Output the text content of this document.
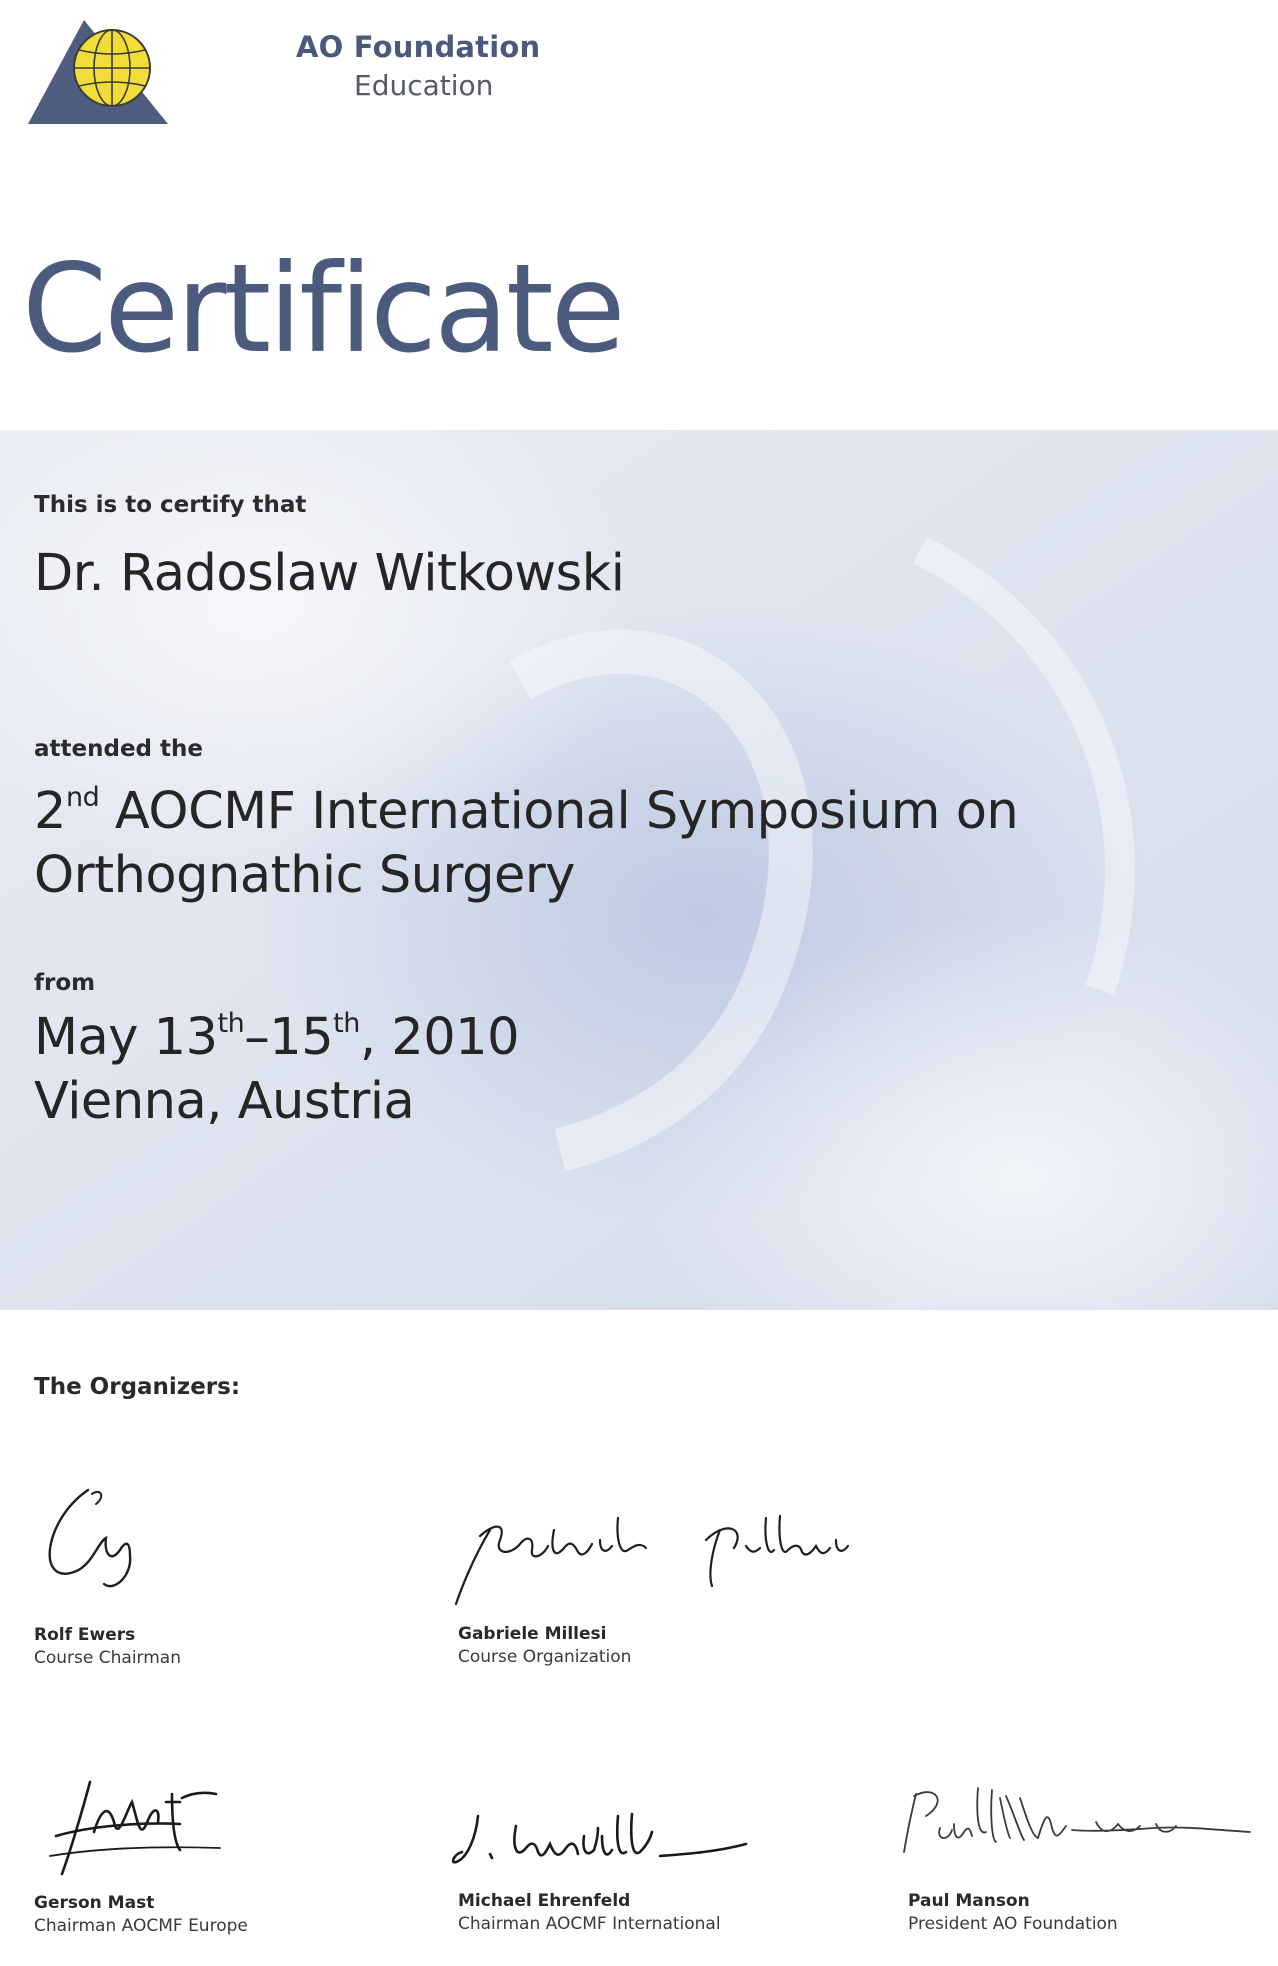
AO Foundation
Education
Certificate
This is to certify that
Dr. Radoslaw Witkowski
attended the
2nd AOCMF International Symposium on
Orthognathic Surgery
from
May 13th–15th, 2010
Vienna, Austria
The Organizers:
Rolf Ewers
Course Chairman
Gabriele Millesi
Course Organization
Gerson Mast
Chairman AOCMF Europe
Michael Ehrenfeld
Chairman AOCMF International
Paul Manson
President AO Foundation
